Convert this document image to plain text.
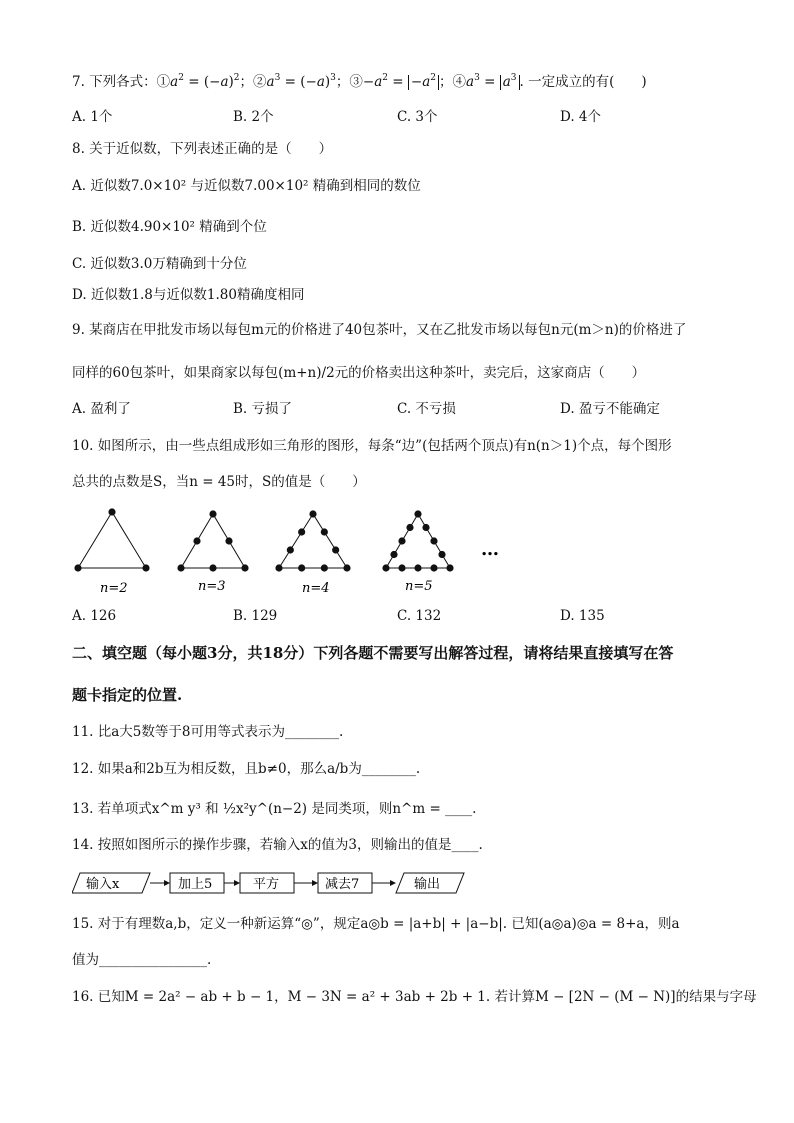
7. 下列各式：$①a^2 = (-a)^2$；$②a^3 = (-a)^3$；$③-a^2 = -a^2$ ；$④a^3 = a^3$ . 一定成立的有(　　)
A. 1个	B. 2个	C. 3个	D. 4个
8. 关于近似数，下列表述正确的是（　　）
A. 近似数7.0×10² 与近似数7.00×10² 精确到相同的数位
B. 近似数4.90×10² 精确到个位
C. 近似数3.0万精确到十分位
D. 近似数1.8与近似数1.80精确度相同
9. 某商店在甲批发市场以每包m元的价格进了40包茶叶，又在乙批发市场以每包n元(m＞n)的价格进了
同样的60包茶叶，如果商家以每包(m+n)/2元的价格卖出这种茶叶，卖完后，这家商店（　　）
A. 盈利了	B. 亏损了	C. 不亏损	D. 盈亏不能确定
10. 如图所示，由一些点组成形如三角形的图形，每条“边”(包括两个顶点)有n(n＞1)个点，每个图形
总共的点数是S，当n = 45时，S的值是（　　）
n=2	n=3	n=4	n=5
…
A. 126	B. 129	C. 132	D. 135
二、填空题（每小题3分，共18分）下列各题不需要写出解答过程，请将结果直接填写在答
题卡指定的位置.
11. 比a大5数等于8可用等式表示为________.
12. 如果a和2b互为相反数，且b≠0，那么a/b为________.
13. 若单项式x^m y³ 和 ½x²y^(n−2) 是同类项，则n^m = ____.
14. 按照如图所示的操作步骤，若输入x的值为3，则输出的值是____.
输入x	加上5	平方	减去7	输出
15. 对于有理数a,b，定义一种新运算“◎”，规定a◎b = |a+b| + |a−b|. 已知(a◎a)◎a = 8+a，则a
值为________________.
16. 已知M = 2a² − ab + b − 1，M − 3N = a² + 3ab + 2b + 1. 若计算M − [2N − (M − N)]的结果与字母
